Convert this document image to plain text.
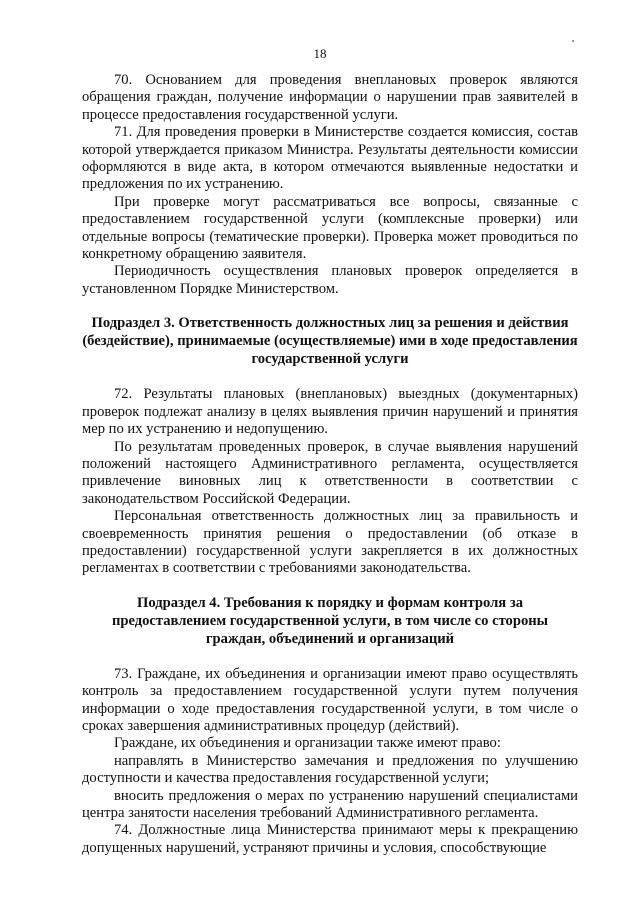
18

70. Основанием для проведения внеплановых проверок являются обращения граждан, получение информации о нарушении прав заявителей в процессе предоставления государственной услуги.

71. Для проведения проверки в Министерстве создается комиссия, состав которой утверждается приказом Министра. Результаты деятельности комиссии оформляются в виде акта, в котором отмечаются выявленные недостатки и предложения по их устранению.

При проверке могут рассматриваться все вопросы, связанные с предоставлением государственной услуги (комплексные проверки) или отдельные вопросы (тематические проверки). Проверка может проводиться по конкретному обращению заявителя.

Периодичность осуществления плановых проверок определяется в установленном Порядке Министерством.

Подраздел 3. Ответственность должностных лиц за решения и действия (бездействие), принимаемые (осуществляемые) ими в ходе предоставления государственной услуги

72. Результаты плановых (внеплановых) выездных (документарных) проверок подлежат анализу в целях выявления причин нарушений и принятия мер по их устранению и недопущению.

По результатам проведенных проверок, в случае выявления нарушений положений настоящего Административного регламента, осуществляется привлечение виновных лиц к ответственности в соответствии с законодательством Российской Федерации.

Персональная ответственность должностных лиц за правильность и своевременность принятия решения о предоставлении (об отказе в предоставлении) государственной услуги закрепляется в их должностных регламентах в соответствии с требованиями законодательства.

Подраздел 4. Требования к порядку и формам контроля за предоставлением государственной услуги, в том числе со стороны граждан, объединений и организаций

73. Граждане, их объединения и организации имеют право осуществлять контроль за предоставлением государственной услуги путем получения информации о ходе предоставления государственной услуги, в том числе о сроках завершения административных процедур (действий).

Граждане, их объединения и организации также имеют право:

направлять в Министерство замечания и предложения по улучшению доступности и качества предоставления государственной услуги;

вносить предложения о мерах по устранению нарушений специалистами центра занятости населения требований Административного регламента.

74. Должностные лица Министерства принимают меры к прекращению допущенных нарушений, устраняют причины и условия, способствующие
